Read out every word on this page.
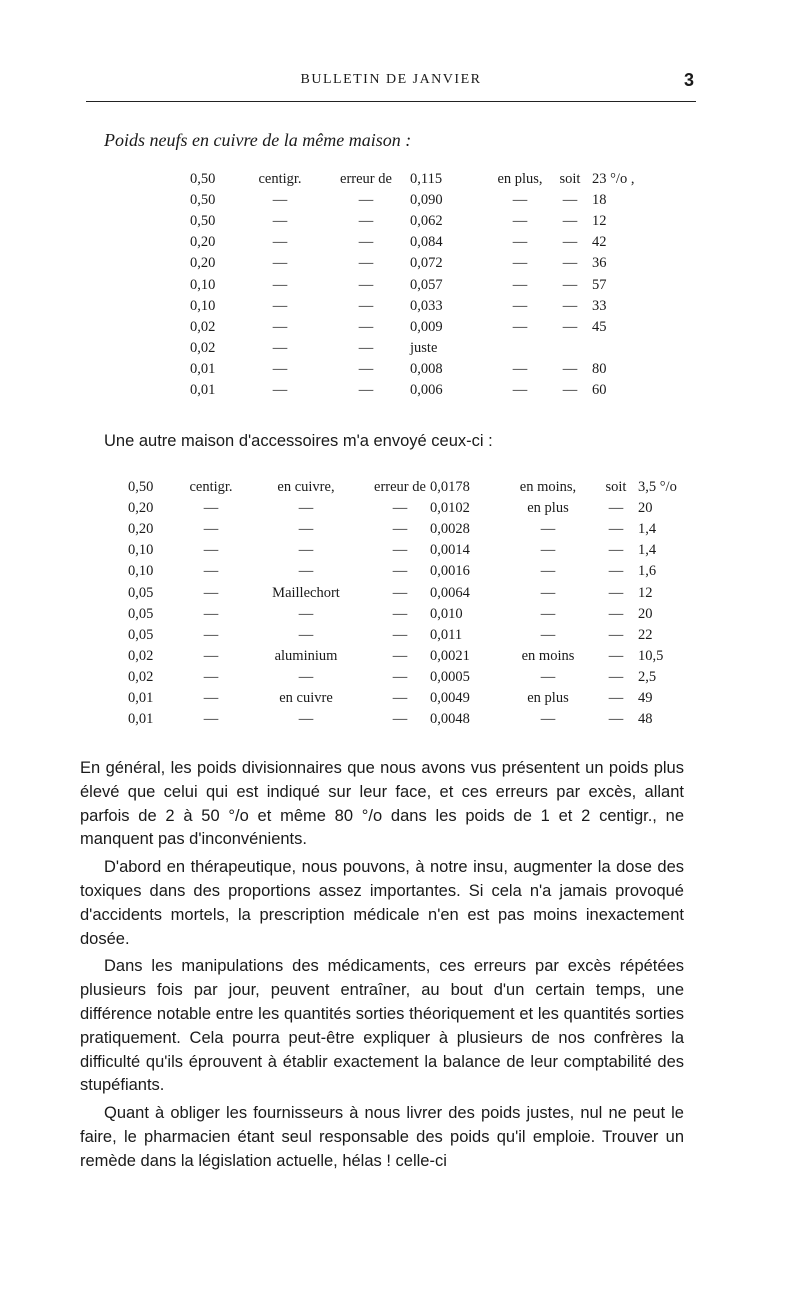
BULLETIN DE JANVIER	3
Poids neufs en cuivre de la même maison :
0,50	centigr.	erreur de	0,115	en plus,	soit	23 °/o ,
0,50	—	—	0,090	—	—	18
0,50	—	—	0,062	—	—	12
0,20	—	—	0,084	—	—	42
0,20	—	—	0,072	—	—	36
0,10	—	—	0,057	—	—	57
0,10	—	—	0,033	—	—	33
0,02	—	—	0,009	—	—	45
0,02	—	—	juste			
0,01	—	—	0,008	—	—	80
0,01	—	—	0,006	—	—	60
Une autre maison d'accessoires m'a envoyé ceux-ci :
0,50	centigr.	en cuivre,	erreur de	0,0178	en moins,	soit	3,5 °/o
0,20	—	—	—	0,0102	en plus	—	20
0,20	—	—	—	0,0028	—	—	1,4
0,10	—	—	—	0,0014	—	—	1,4
0,10	—	—	—	0,0016	—	—	1,6
0,05	—	Maillechort	—	0,0064	—	—	12
0,05	—	—	—	0,010	—	—	20
0,05	—	—	—	0,011	—	—	22
0,02	—	aluminium	—	0,0021	en moins	—	10,5
0,02	—	—	—	0,0005	—	—	2,5
0,01	—	en cuivre	—	0,0049	en plus	—	49
0,01	—	—	—	0,0048	—	—	48

En général, les poids divisionnaires que nous avons vus présentent un poids plus élevé que celui qui est indiqué sur leur face, et ces erreurs par excès, allant parfois de 2 à 50 °/o et même 80 °/o dans les poids de 1 et 2 centigr., ne manquent pas d'inconvénients.

D'abord en thérapeutique, nous pouvons, à notre insu, augmenter la dose des toxiques dans des proportions assez importantes. Si cela n'a jamais provoqué d'accidents mortels, la prescription médicale n'en est pas moins inexactement dosée.

Dans les manipulations des médicaments, ces erreurs par excès répétées plusieurs fois par jour, peuvent entraîner, au bout d'un certain temps, une différence notable entre les quantités sorties théoriquement et les quantités sorties pratiquement. Cela pourra peut-être expliquer à plusieurs de nos confrères la difficulté qu'ils éprouvent à établir exactement la balance de leur comptabilité des stupéfiants.

Quant à obliger les fournisseurs à nous livrer des poids justes, nul ne peut le faire, le pharmacien étant seul responsable des poids qu'il emploie. Trouver un remède dans la législation actuelle, hélas ! celle-ci
